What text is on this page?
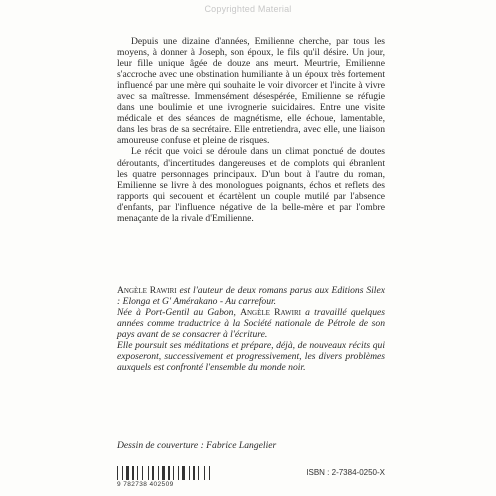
Copyrighted Material

Depuis une dizaine d'années, Emilienne cherche, par tous les moyens, à donner à Joseph, son époux, le fils qu'il désire. Un jour, leur fille unique âgée de douze ans meurt. Meurtrie, Emilienne s'accroche avec une obstination humiliante à un époux très fortement influencé par une mère qui souhaite le voir divorcer et l'incite à vivre avec sa maîtresse. Immensément désespérée, Emilienne se réfugie dans une boulimie et une ivrognerie suicidaires. Entre une visite médicale et des séances de magnétisme, elle échoue, lamentable, dans les bras de sa secrétaire. Elle entretiendra, avec elle, une liaison amoureuse confuse et pleine de risques.

Le récit que voici se déroule dans un climat ponctué de doutes déroutants, d'incertitudes dangereuses et de complots qui ébranlent les quatre personnages principaux. D'un bout à l'autre du roman, Emilienne se livre à des monologues poignants, échos et reflets des rapports qui secouent et écartèlent un couple mutilé par l'absence d'enfants, par l'influence négative de la belle-mère et par l'ombre menaçante de la rivale d'Emilienne.

Angèle Rawiri est l'auteur de deux romans parus aux Editions Silex : Elonga et G' Amérakano - Au carrefour.

Née à Port-Gentil au Gabon, Angèle Rawiri a travaillé quelques années comme traductrice à la Société nationale de Pétrole de son pays avant de se consacrer à l'écriture.

Elle poursuit ses méditations et prépare, déjà, de nouveaux récits qui exposeront, successivement et progressivement, les divers problèmes auxquels est confronté l'ensemble du monde noir.

Dessin de couverture : Fabrice Langelier
9 782738 402509
ISBN : 2-7384-0250-X
